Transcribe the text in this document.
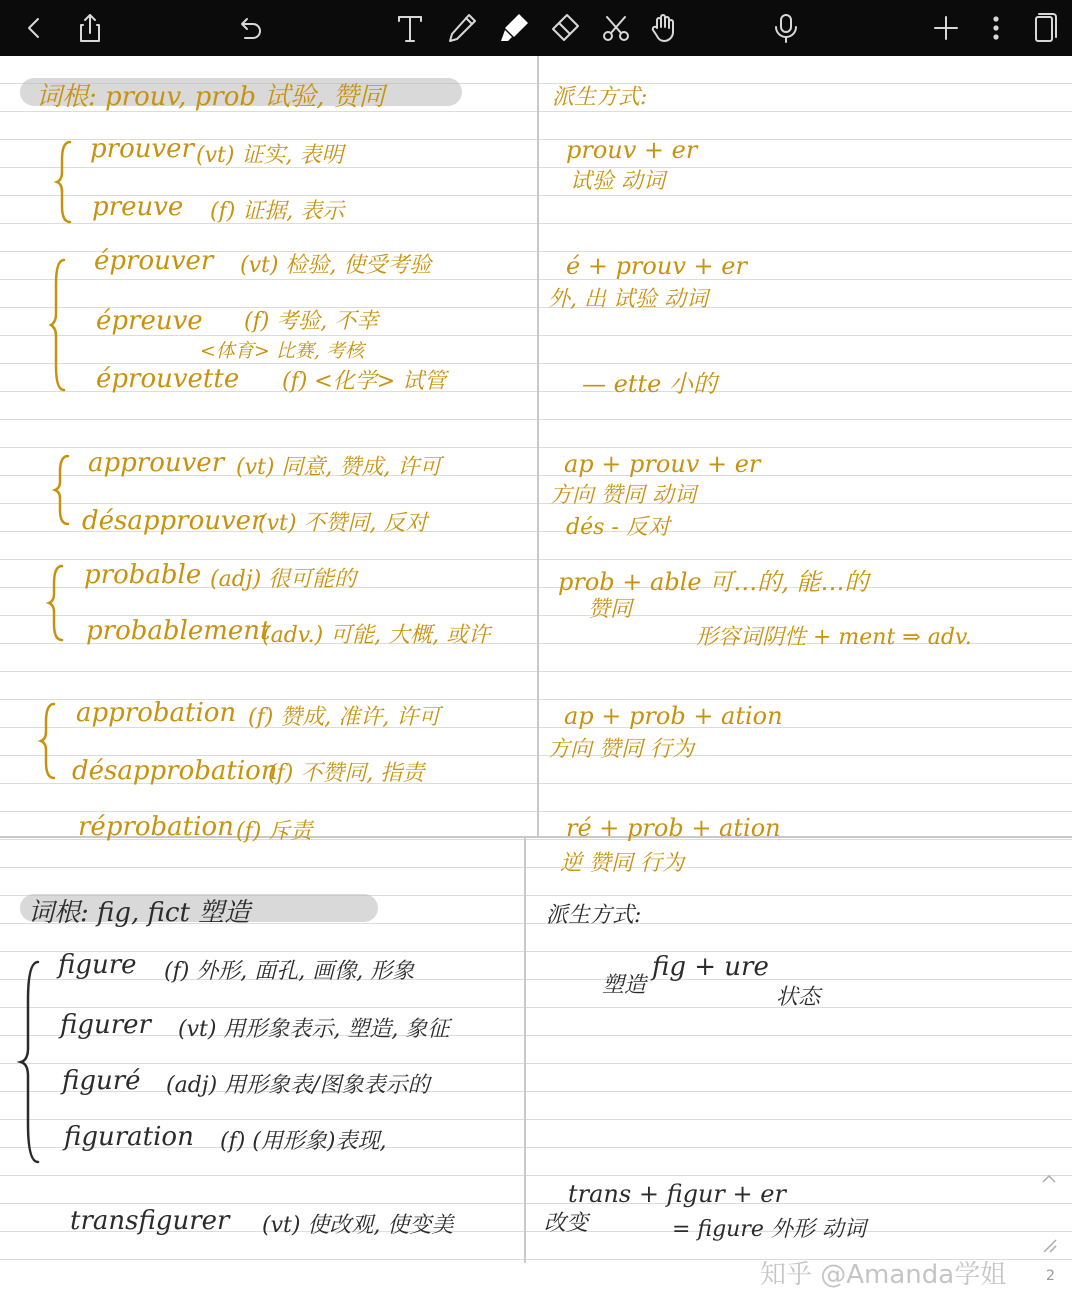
词根: prouv, prob 试验, 赞同	派生方式:
prouver (vt) 证实, 表明
preuve (f) 证据, 表示
prouv + er
试验 动词
éprouver (vt) 检验, 使受考验
épreuve (f) 考验, 不幸
<体育> 比赛, 考核
éprouvette (f) <化学> 试管
é + prouv + er
外, 出 试验 动词
— ette 小的
approuver (vt) 同意, 赞成, 许可
désapprouver
(vt) 不赞同, 反对
ap + prouv + er
方向 赞同 动词
dés - 反对
probable (adj) 很可能的
probablement
(adv.) 可能, 大概, 或许
prob + able 可…的, 能…的
赞同
形容词阴性 + ment ⇒ adv.
approbation (f) 赞成, 准许, 许可
désapprobation
(f) 不赞同, 指责
réprobation (f) 斥责
ap + prob + ation
方向 赞同 行为
ré + prob + ation
逆 赞同 行为
词根: fig, fict 塑造	派生方式:
figure (f) 外形, 面孔, 画像, 形象
figurer (vt) 用形象表示, 塑造, 象征
figuré (adj) 用形象表/图象表示的
figuration (f) (用形象)表现,
transfigurer (vt) 使改观, 使变美
塑造
fig + ure
状态
改变
trans + figur + er
= figure 外形 动词
知乎 @Amanda学姐	2
